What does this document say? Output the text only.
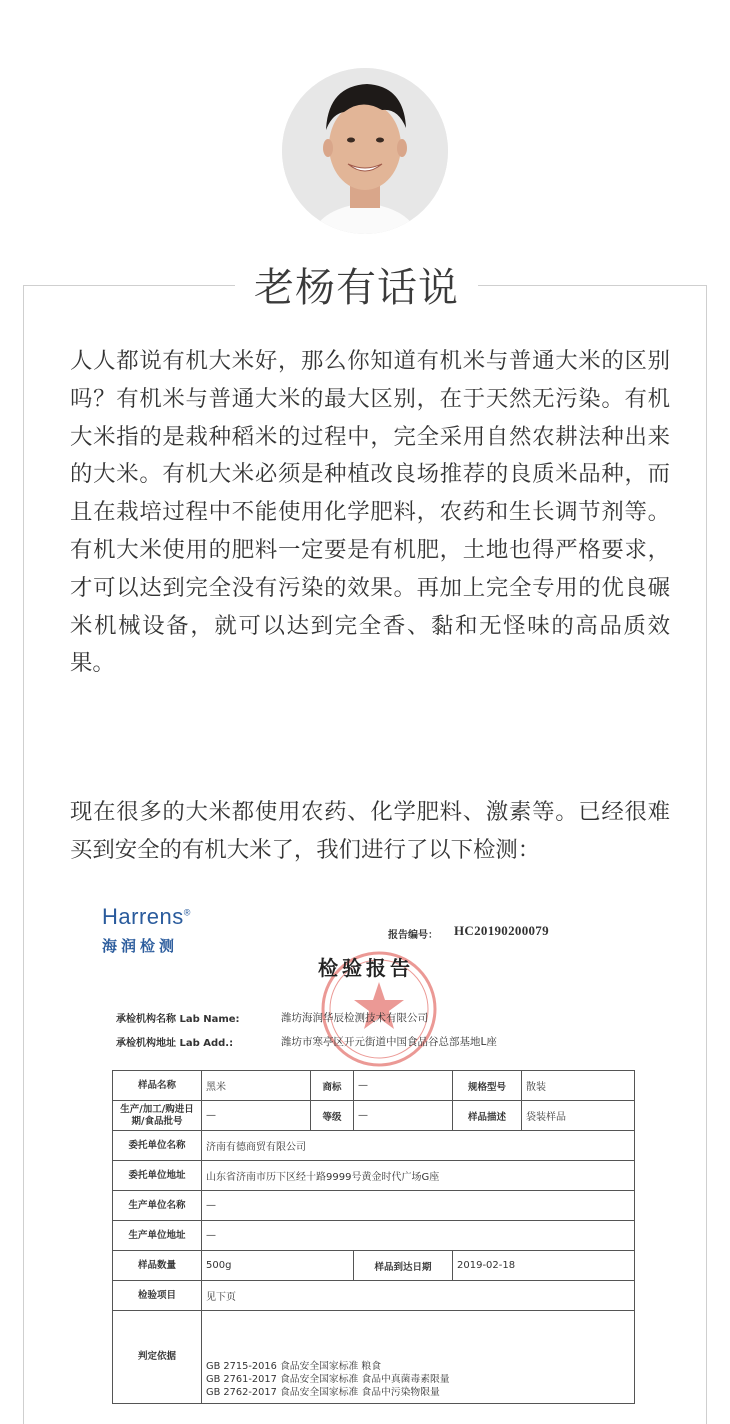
老杨有话说

人人都说有机大米好，那么你知道有机米与普通大米的区别吗？有机米与普通大米的最大区别，在于天然无污染。有机大米指的是栽种稻米的过程中，完全采用自然农耕法种出来的大米。有机大米必须是种植改良场推荐的良质米品种，而且在栽培过程中不能使用化学肥料，农药和生长调节剂等。有机大米使用的肥料一定要是有机肥，土地也得严格要求，才可以达到完全没有污染的效果。再加上完全专用的优良碾米机械设备，就可以达到完全香、黏和无怪味的高品质效果。

现在很多的大米都使用农药、化学肥料、激素等。已经很难买到安全的有机大米了，我们进行了以下检测：

Harrens®
海润检测
报告编号： HC20190200079
检验报告
承检机构名称 Lab Name:	潍坊海润华辰检测技术有限公司
承检机构地址 Lab Add.:	潍坊市寒亭区开元街道中国食品谷总部基地L座
样品名称	黑米	商标	—	规格型号	散装
生产/加工/购进日期/食品批号	—	等级	—	样品描述	袋装样品
委托单位名称	济南有德商贸有限公司				
委托单位地址	山东省济南市历下区经十路9999号黄金时代广场G座				
生产单位名称	—				
生产单位地址	—				
样品数量	500g		样品到达日期	2019-02-18	
检验项目	见下页				
判定依据	GB 2715-2016 食品安全国家标准 粮食
GB 2761-2017 食品安全国家标准 食品中真菌毒素限量
GB 2762-2017 食品安全国家标准 食品中污染物限量				
